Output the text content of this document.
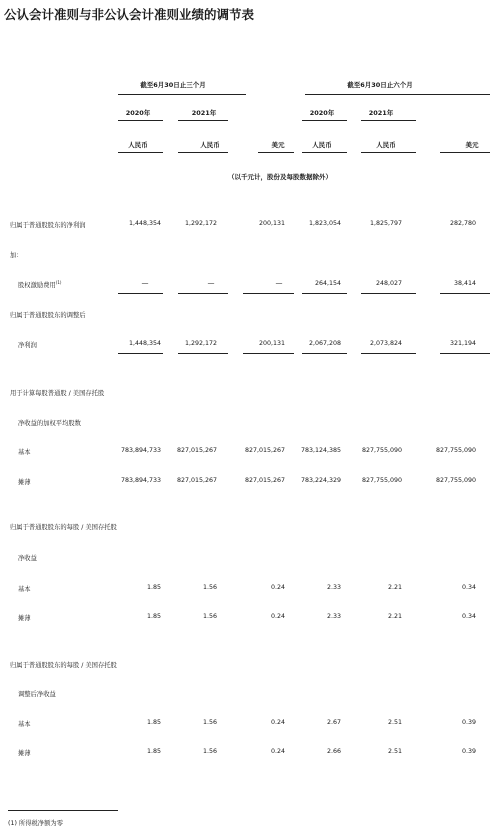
公认会计准则与非公认会计准则业绩的调节表
截至6月30日止三个月	截至6月30日止六个月
2020年	2021年	2020年	2021年
人民币	人民币	美元	人民币	人民币	美元
（以千元计，股份及每股数据除外）
归属于普通股股东的净利润	1,448,354	1,292,172	200,131	1,823,054	1,825,797	282,780
加：
股权激励费用$^{(1)}$	—	—	—	264,154	248,027	38,414
归属于普通股股东的调整后
净利润	1,448,354	1,292,172	200,131	2,067,208	2,073,824	321,194
用于计算每股普通股 / 美国存托股
净收益的加权平均股数
基本	783,894,733	827,015,267	827,015,267	783,124,385	827,755,090	827,755,090
摊薄	783,894,733	827,015,267	827,015,267	783,224,329	827,755,090	827,755,090
归属于普通股股东的每股 / 美国存托股
净收益
基本	1.85	1.56	0.24	2.33	2.21	0.34
摊薄	1.85	1.56	0.24	2.33	2.21	0.34
归属于普通股股东的每股 / 美国存托股
调整后净收益
基本	1.85	1.56	0.24	2.67	2.51	0.39
摊薄	1.85	1.56	0.24	2.66	2.51	0.39
(1) 所得税净额为零
